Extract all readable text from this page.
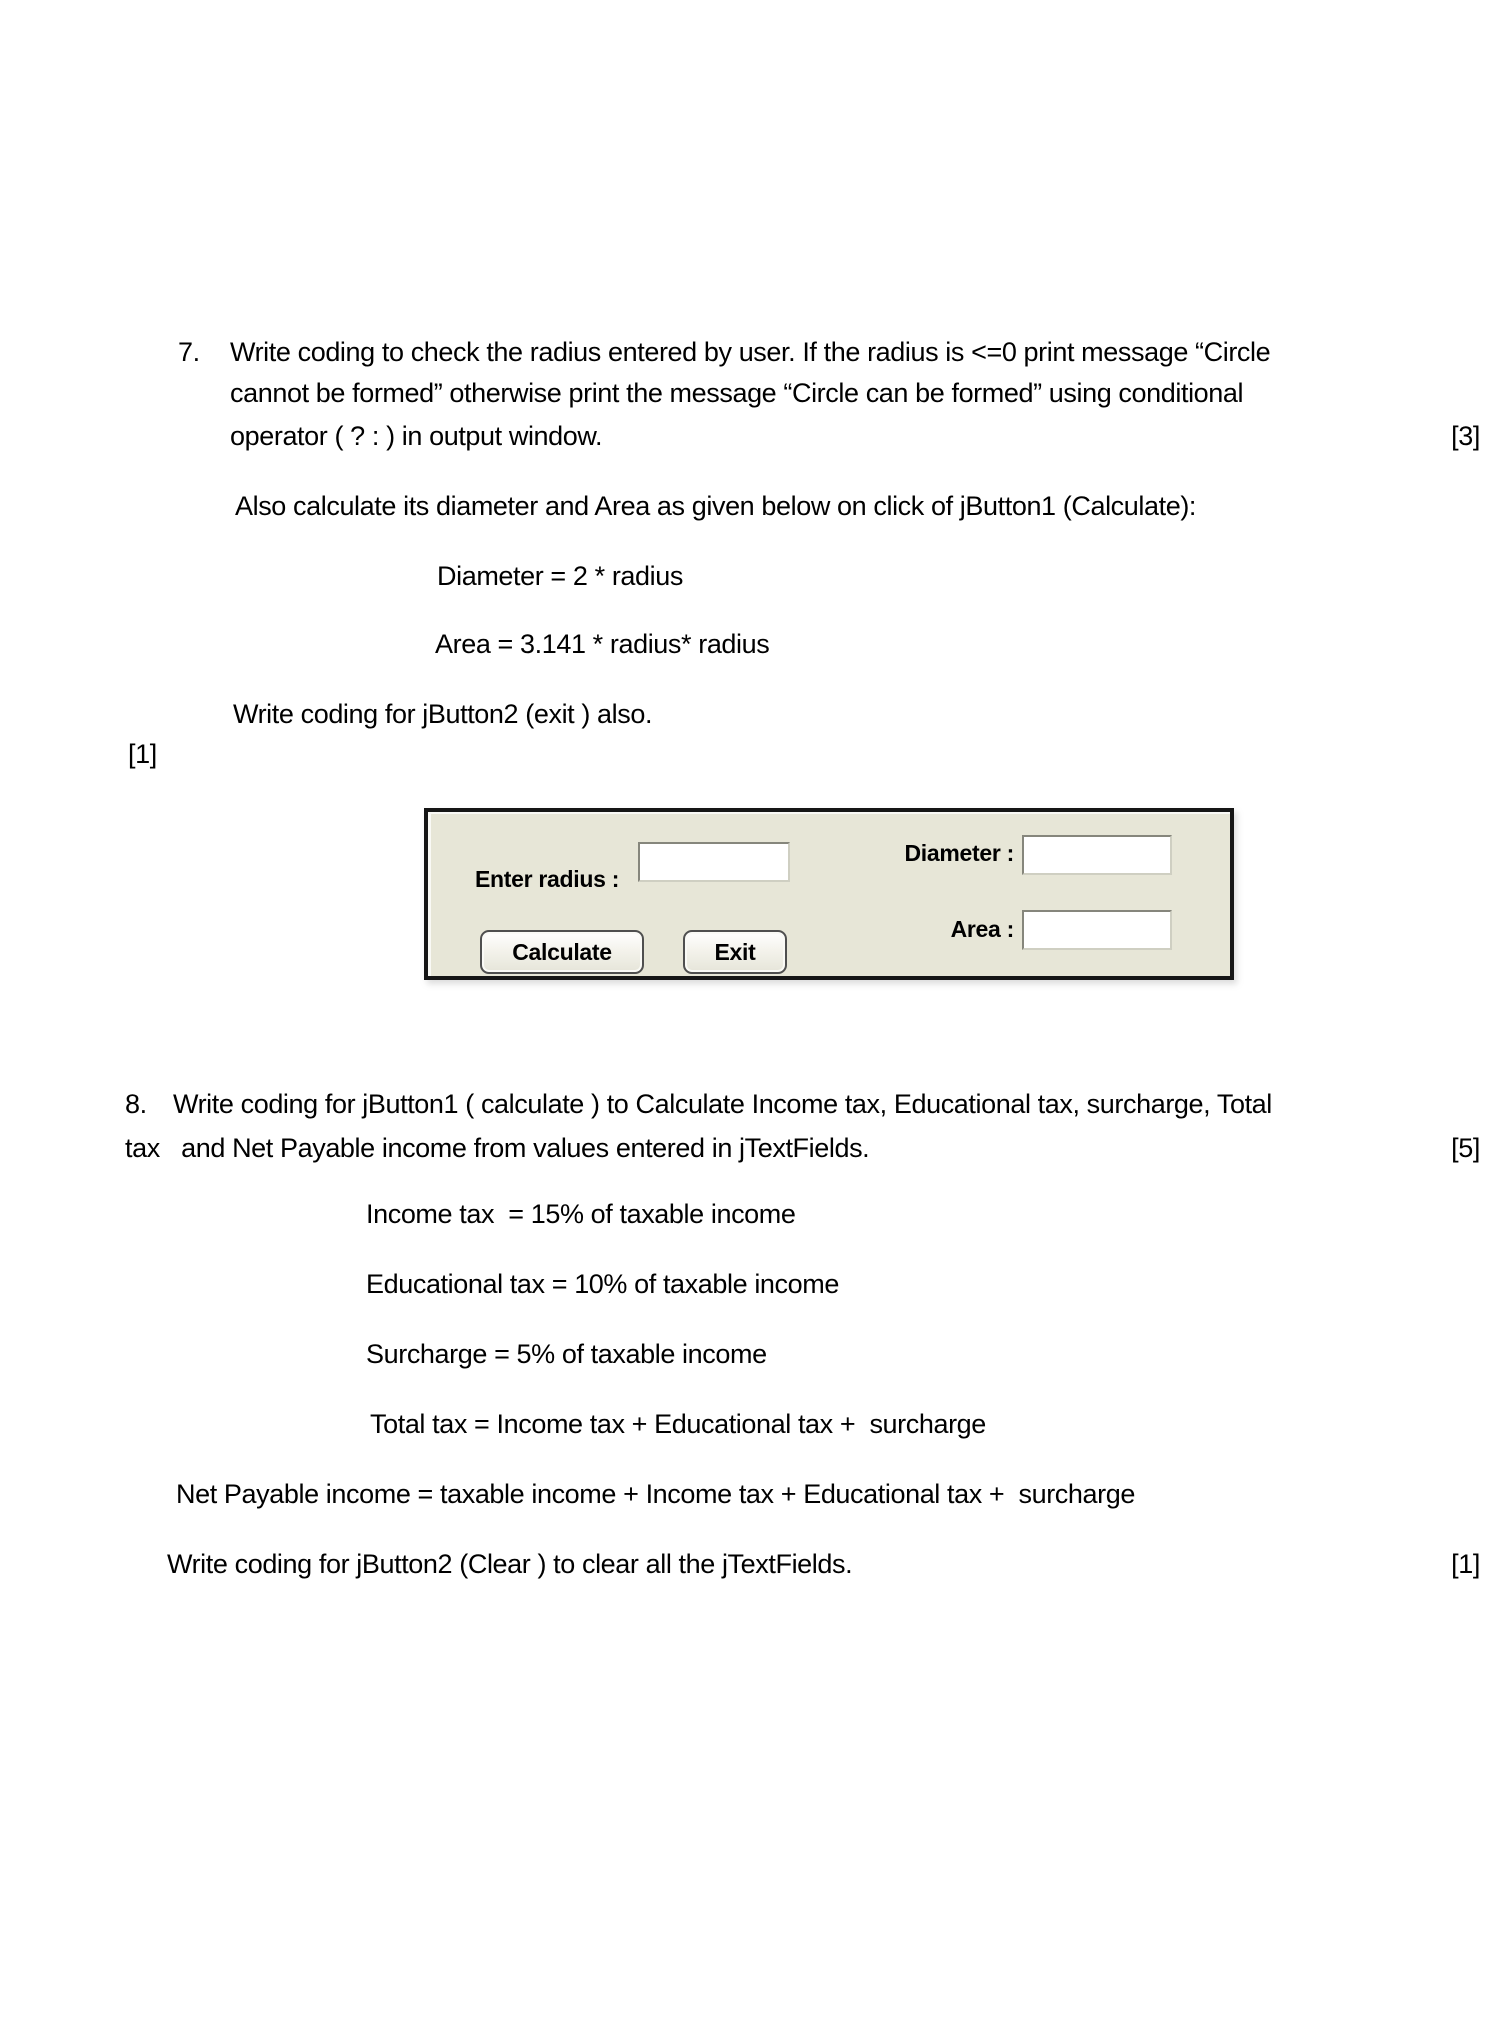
7. Write coding to check the radius entered by user. If the radius is <=0 print message “Circle
cannot be formed” otherwise print the message “Circle can be formed” using conditional
operator ( ? : ) in output window.	[3]
Also calculate its diameter and Area as given below on click of jButton1 (Calculate):
Diameter = 2 * radius
Area = 3.141 * radius* radius
Write coding for jButton2 (exit ) also.
[1]
Enter radius :
Calculate	Exit
Diameter :
Area :
8. Write coding for jButton1 ( calculate ) to Calculate Income tax, Educational tax, surcharge, Total
tax   and Net Payable income from values entered in jTextFields.	[5]
Income tax  = 15% of taxable income
Educational tax = 10% of taxable income
Surcharge = 5% of taxable income
Total tax = Income tax + Educational tax +  surcharge
Net Payable income = taxable income + Income tax + Educational tax +  surcharge
Write coding for jButton2 (Clear ) to clear all the jTextFields.	[1]
